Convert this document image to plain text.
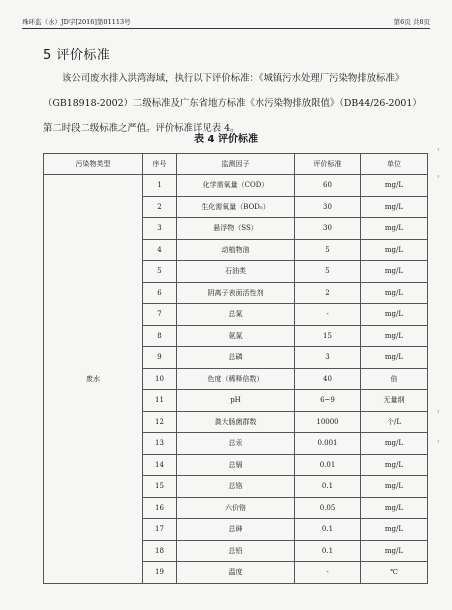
珠环监（水）JD字[2016]第01113号	第6页 共8页
5 评价标准

该公司废水排入洪湾海域，执行以下评价标准：《城镇污水处理厂污染物排放标准》（GB18918-2002）二级标准及广东省地方标准《水污染物排放限值》（DB44/26-2001）第二时段二级标准之严值。评价标准详见表 4。

表 4 评价标准
污染物类型	序号	监测因子	评价标准	单位
废水	1	化学需氧量（COD）	60	mg/L
	2	生化需氧量（BOD₅）	30	mg/L
	3	悬浮物（SS）	30	mg/L
	4	动植物油	5	mg/L
	5	石油类	5	mg/L
	6	阴离子表面活性剂	2	mg/L
	7	总氮	-	mg/L
	8	氨氮	15	mg/L
	9	总磷	3	mg/L
	10	色度（稀释倍数）	40	倍
	11	pH	6~9	无量纲
	12	粪大肠菌群数	10000	个/L
	13	总汞	0.001	mg/L
	14	总镉	0.01	mg/L
	15	总铬	0.1	mg/L
	16	六价铬	0.05	mg/L
	17	总砷	0.1	mg/L
	18	总铅	0.1	mg/L
	19	温度	-	℃
'
'
'
'
